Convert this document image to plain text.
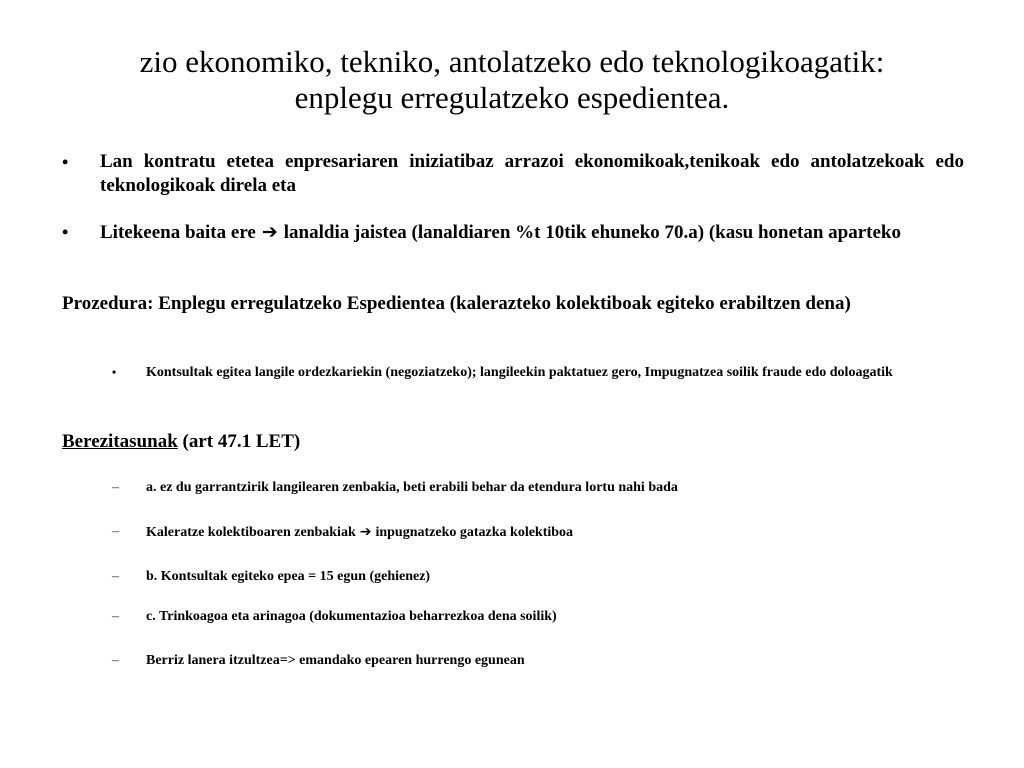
zio ekonomiko, tekniko, antolatzeko edo teknologikoagatik:
enplegu erregulatzeko espedientea.
• Lan kontratu etetea enpresariaren iniziatibaz arrazoi ekonomikoak,tenikoak edo antolatzekoak edo teknologikoak direla eta
• Litekeena baita ere ➔ lanaldia jaistea (lanaldiaren %t 10tik ehuneko 70.a) (kasu honetan aparteko
Prozedura: Enplegu erregulatzeko Espedientea (kalerazteko kolektiboak egiteko erabiltzen dena)
• Kontsultak egitea langile ordezkariekin (negoziatzeko); langileekin paktatuez gero, Impugnatzea soilik fraude edo doloagatik
Berezitasunak (art 47.1 LET)
– a. ez du garrantzirik langilearen zenbakia, beti erabili behar da etendura lortu nahi bada
– Kaleratze kolektiboaren zenbakiak ➔ inpugnatzeko gatazka kolektiboa
– b. Kontsultak egiteko epea = 15 egun (gehienez)
– c. Trinkoagoa eta arinagoa (dokumentazioa beharrezkoa dena soilik)
– Berriz lanera itzultzea=> emandako epearen hurrengo egunean
